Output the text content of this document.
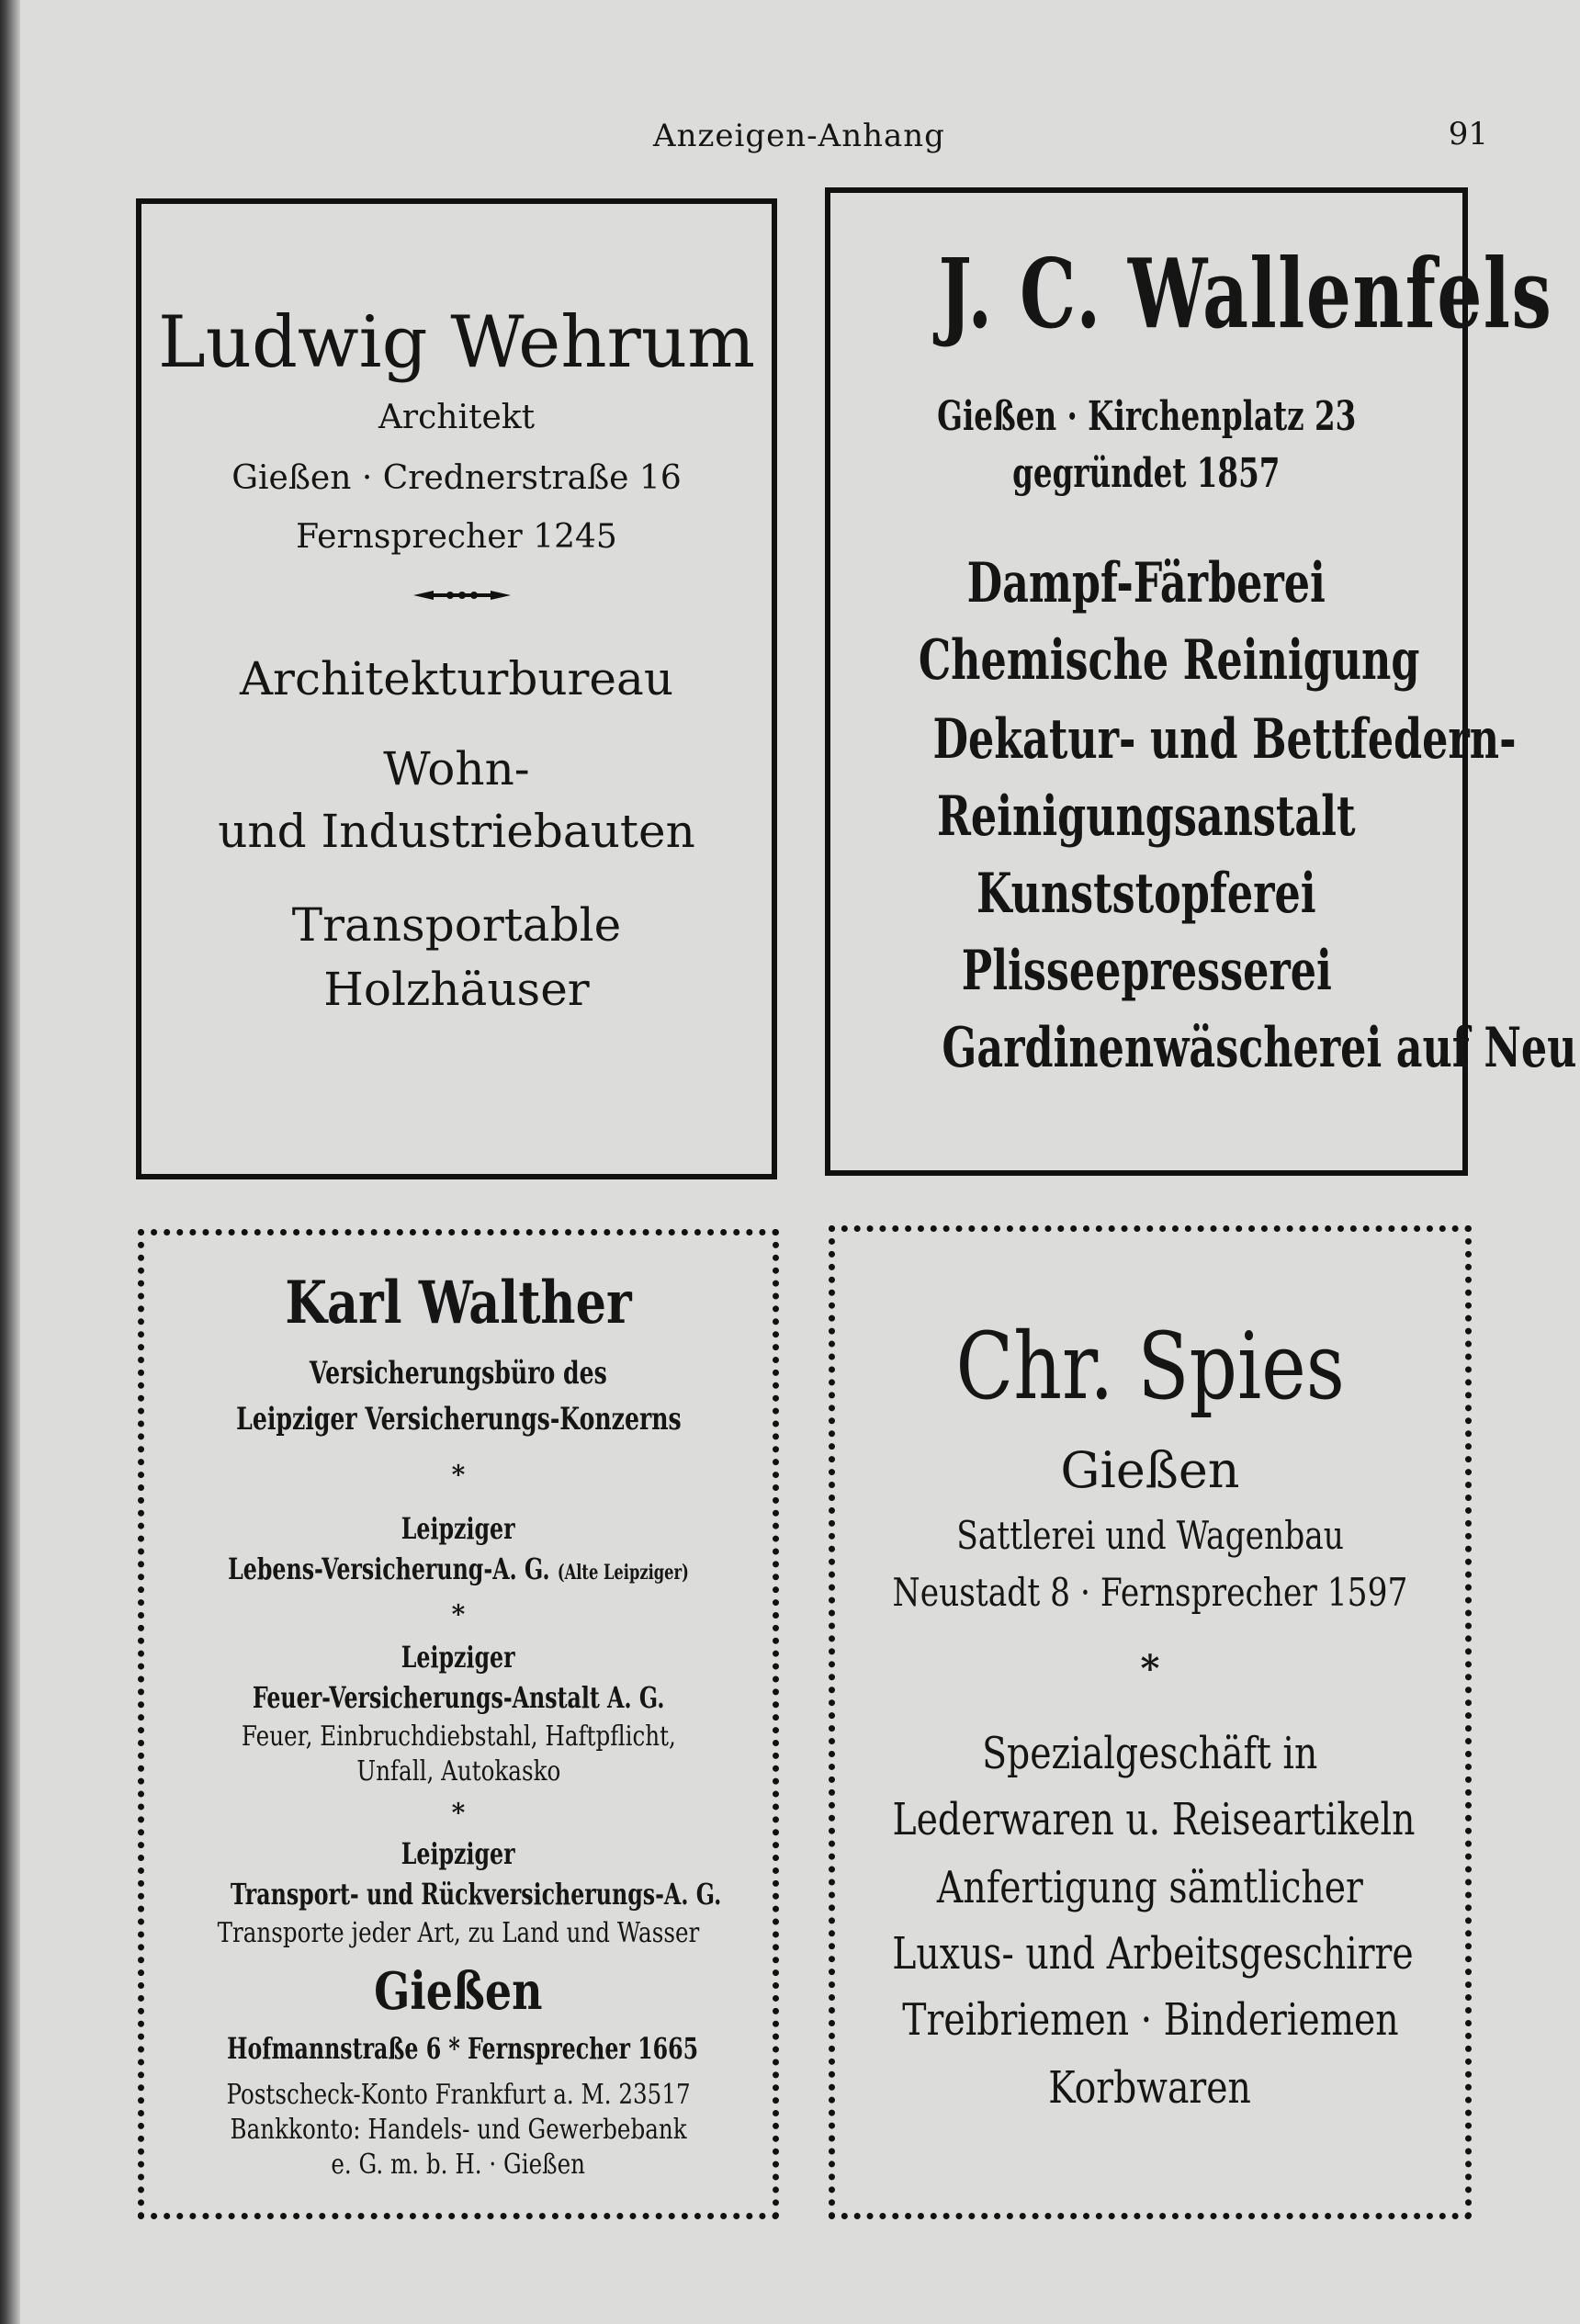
Anzeigen-Anhang	91
Ludwig Wehrum
Architekt
Gießen · Crednerstraße 16
Fernsprecher 1245
Architekturbureau
Wohn-
und Industriebauten
Transportable
Holzhäuser
J. C. Wallenfels
Gießen · Kirchenplatz 23
gegründet 1857
Dampf-Färberei
Chemische Reinigung
Dekatur- und Bettfedern-
Reinigungsanstalt
Kunststopferei
Plisseepresserei
Gardinenwäscherei auf Neu
Karl Walther
Versicherungsbüro des
Leipziger Versicherungs-Konzerns
*
Leipziger
Lebens-Versicherung-A. G. (Alte Leipziger)
*
Leipziger
Feuer-Versicherungs-Anstalt A. G.
Feuer, Einbruchdiebstahl, Haftpflicht,
Unfall, Autokasko
*
Leipziger
Transport- und Rückversicherungs-A. G.
Transporte jeder Art, zu Land und Wasser
Gießen
Hofmannstraße 6 * Fernsprecher 1665
Postscheck-Konto Frankfurt a. M. 23517
Bankkonto: Handels- und Gewerbebank
e. G. m. b. H. · Gießen
Chr. Spies
Gießen
Sattlerei und Wagenbau
Neustadt 8 · Fernsprecher 1597
*
Spezialgeschäft in
Lederwaren u. Reiseartikeln
Anfertigung sämtlicher
Luxus- und Arbeitsgeschirre
Treibriemen · Binderiemen
Korbwaren
